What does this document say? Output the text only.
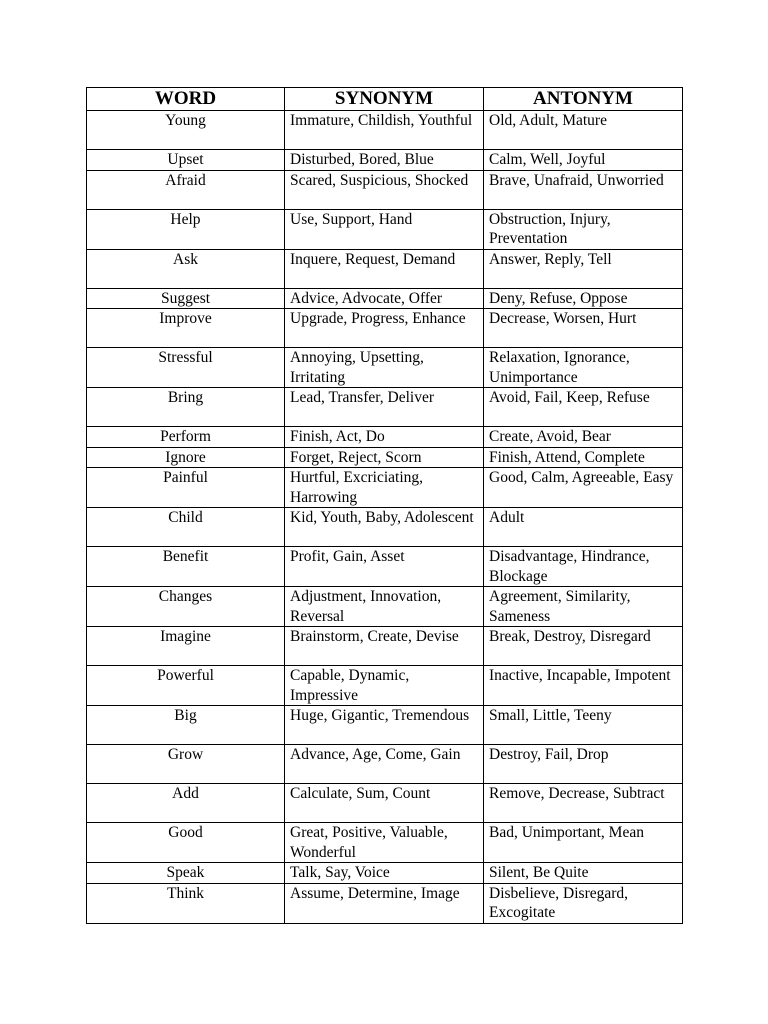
WORD	SYNONYM	ANTONYM
Young	Immature, Childish, Youthful	Old, Adult, Mature
Upset	Disturbed, Bored, Blue	Calm, Well, Joyful
Afraid	Scared, Suspicious, Shocked	Brave, Unafraid, Unworried
Help	Use, Support, Hand	Obstruction, Injury, Preventation
Ask	Inquere, Request, Demand	Answer, Reply, Tell
Suggest	Advice, Advocate, Offer	Deny, Refuse, Oppose
Improve	Upgrade, Progress, Enhance	Decrease, Worsen, Hurt
Stressful	Annoying, Upsetting, Irritating	Relaxation, Ignorance, Unimportance
Bring	Lead, Transfer, Deliver	Avoid, Fail, Keep, Refuse
Perform	Finish, Act, Do	Create, Avoid, Bear
Ignore	Forget, Reject, Scorn	Finish, Attend, Complete
Painful	Hurtful, Excriciating, Harrowing	Good, Calm, Agreeable, Easy
Child	Kid, Youth, Baby, Adolescent	Adult
Benefit	Profit, Gain, Asset	Disadvantage, Hindrance, Blockage
Changes	Adjustment, Innovation, Reversal	Agreement, Similarity, Sameness
Imagine	Brainstorm, Create, Devise	Break, Destroy, Disregard
Powerful	Capable, Dynamic, Impressive	Inactive, Incapable, Impotent
Big	Huge, Gigantic, Tremendous	Small, Little, Teeny
Grow	Advance, Age, Come, Gain	Destroy, Fail, Drop
Add	Calculate, Sum, Count	Remove, Decrease, Subtract
Good	Great, Positive, Valuable, Wonderful	Bad, Unimportant, Mean
Speak	Talk, Say, Voice	Silent, Be Quite
Think	Assume, Determine, Image	Disbelieve, Disregard, Excogitate
